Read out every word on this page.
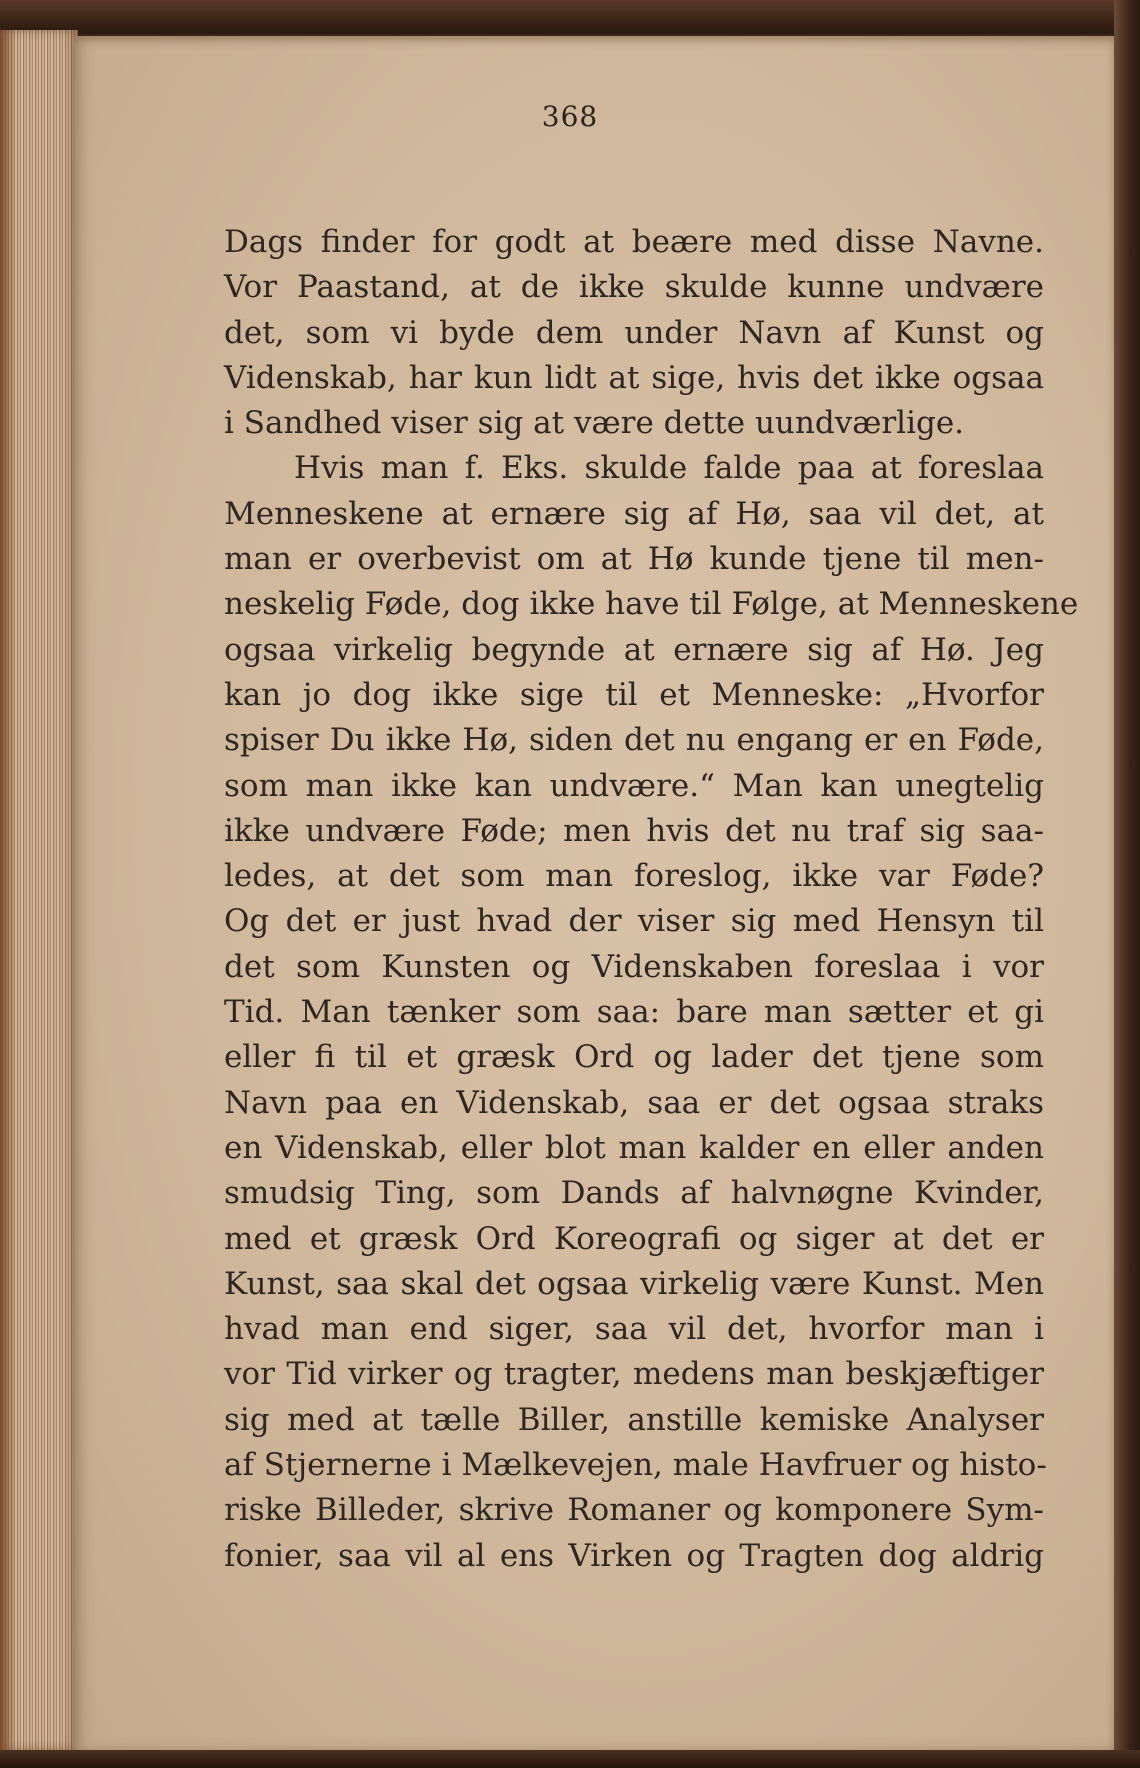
368
Dags finder for godt at beære med disse Navne.
Vor Paastand, at de ikke skulde kunne undvære
det, som vi byde dem under Navn af Kunst og
Videnskab, har kun lidt at sige, hvis det ikke ogsaa
i Sandhed viser sig at være dette uundværlige.
Hvis man f. Eks. skulde falde paa at foreslaa
Menneskene at ernære sig af Hø, saa vil det, at
man er overbevist om at Hø kunde tjene til men-
neskelig Føde, dog ikke have til Følge, at Menneskene
ogsaa virkelig begynde at ernære sig af Hø. Jeg
kan jo dog ikke sige til et Menneske: „Hvorfor
spiser Du ikke Hø, siden det nu engang er en Føde,
som man ikke kan undvære.“ Man kan unegtelig
ikke undvære Føde; men hvis det nu traf sig saa-
ledes, at det som man foreslog, ikke var Føde?
Og det er just hvad der viser sig med Hensyn til
det som Kunsten og Videnskaben foreslaa i vor
Tid. Man tænker som saa: bare man sætter et gi
eller fi til et græsk Ord og lader det tjene som
Navn paa en Videnskab, saa er det ogsaa straks
en Videnskab, eller blot man kalder en eller anden
smudsig Ting, som Dands af halvnøgne Kvinder,
med et græsk Ord Koreografi og siger at det er
Kunst, saa skal det ogsaa virkelig være Kunst. Men
hvad man end siger, saa vil det, hvorfor man i
vor Tid virker og tragter, medens man beskjæftiger
sig med at tælle Biller, anstille kemiske Analyser
af Stjernerne i Mælkevejen, male Havfruer og histo-
riske Billeder, skrive Romaner og komponere Sym-
fonier, saa vil al ens Virken og Tragten dog aldrig
